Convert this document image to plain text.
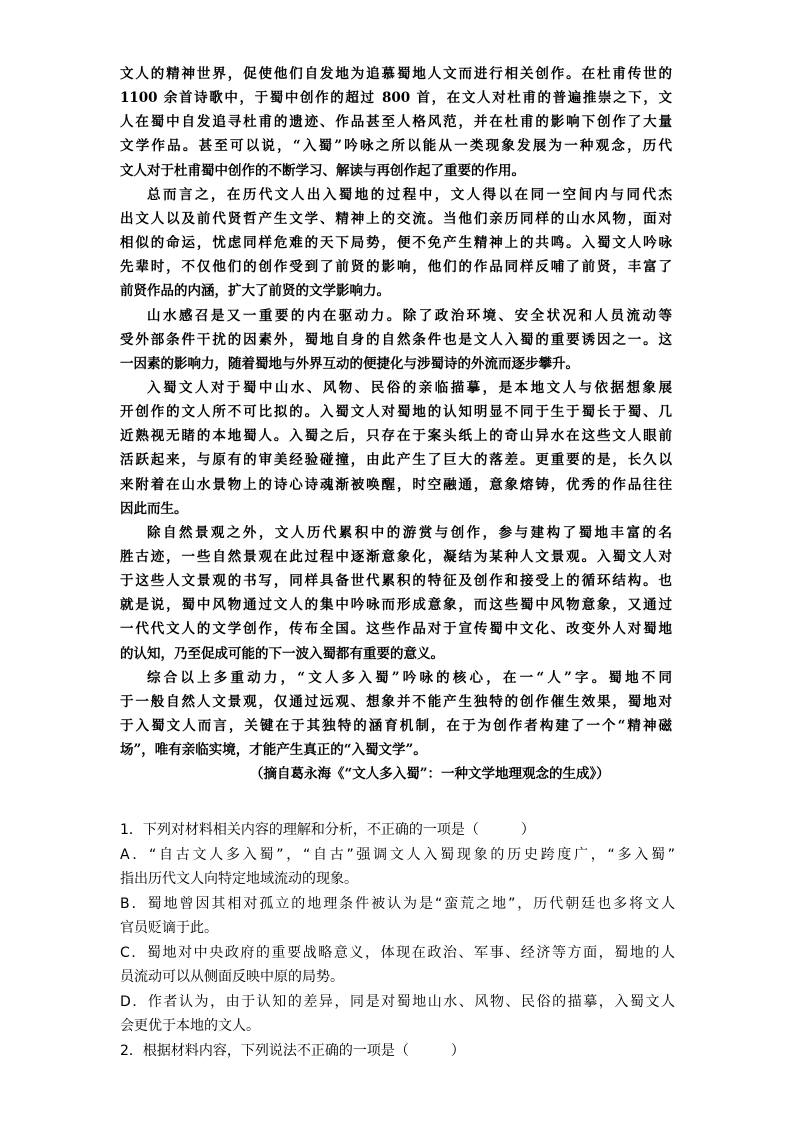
文人的精神世界，促使他们自发地为追慕蜀地人文而进行相关创作。在杜甫传世的
1100 余首诗歌中，于蜀中创作的超过 800 首，在文人对杜甫的普遍推崇之下，文
人在蜀中自发追寻杜甫的遗迹、作品甚至人格风范，并在杜甫的影响下创作了大量
文学作品。甚至可以说，“入蜀”吟咏之所以能从一类现象发展为一种观念，历代
文人对于杜甫蜀中创作的不断学习、解读与再创作起了重要的作用。
总而言之，在历代文人出入蜀地的过程中，文人得以在同一空间内与同代杰
出文人以及前代贤哲产生文学、精神上的交流。当他们亲历同样的山水风物，面对
相似的命运，忧虑同样危难的天下局势，便不免产生精神上的共鸣。入蜀文人吟咏
先辈时，不仅他们的创作受到了前贤的影响，他们的作品同样反哺了前贤，丰富了
前贤作品的内涵，扩大了前贤的文学影响力。
山水感召是又一重要的内在驱动力。除了政治环境、安全状况和人员流动等
受外部条件干扰的因素外，蜀地自身的自然条件也是文人入蜀的重要诱因之一。这
一因素的影响力，随着蜀地与外界互动的便捷化与涉蜀诗的外流而逐步攀升。
入蜀文人对于蜀中山水、风物、民俗的亲临描摹，是本地文人与依据想象展
开创作的文人所不可比拟的。入蜀文人对蜀地的认知明显不同于生于蜀长于蜀、几
近熟视无睹的本地蜀人。入蜀之后，只存在于案头纸上的奇山异水在这些文人眼前
活跃起来，与原有的审美经验碰撞，由此产生了巨大的落差。更重要的是，长久以
来附着在山水景物上的诗心诗魂渐被唤醒，时空融通，意象熔铸，优秀的作品往往
因此而生。
除自然景观之外，文人历代累积中的游赏与创作，参与建构了蜀地丰富的名
胜古迹，一些自然景观在此过程中逐渐意象化，凝结为某种人文景观。入蜀文人对
于这些人文景观的书写，同样具备世代累积的特征及创作和接受上的循环结构。也
就是说，蜀中风物通过文人的集中吟咏而形成意象，而这些蜀中风物意象，又通过
一代代文人的文学创作，传布全国。这些作品对于宣传蜀中文化、改变外人对蜀地
的认知，乃至促成可能的下一波入蜀都有重要的意义。
综合以上多重动力，“文人多入蜀”吟咏的核心，在一“人”字。蜀地不同
于一般自然人文景观，仅通过远观、想象并不能产生独特的创作催生效果，蜀地对
于入蜀文人而言，关键在于其独特的涵育机制，在于为创作者构建了一个“精神磁
场”，唯有亲临实境，才能产生真正的“入蜀文学”。
（摘自葛永海《“文人多入蜀”：一种文学地理观念的生成》）
1．下列对材料相关内容的理解和分析，不正确的一项是（　　　）
A．“自古文人多入蜀”，“自古”强调文人入蜀现象的历史跨度广，“多入蜀”
指出历代文人向特定地域流动的现象。
B．蜀地曾因其相对孤立的地理条件被认为是“蛮荒之地”，历代朝廷也多将文人
官员贬谪于此。
C．蜀地对中央政府的重要战略意义，体现在政治、军事、经济等方面，蜀地的人
员流动可以从侧面反映中原的局势。
D．作者认为，由于认知的差异，同是对蜀地山水、风物、民俗的描摹，入蜀文人
会更优于本地的文人。
2．根据材料内容，下列说法不正确的一项是（　　　）
